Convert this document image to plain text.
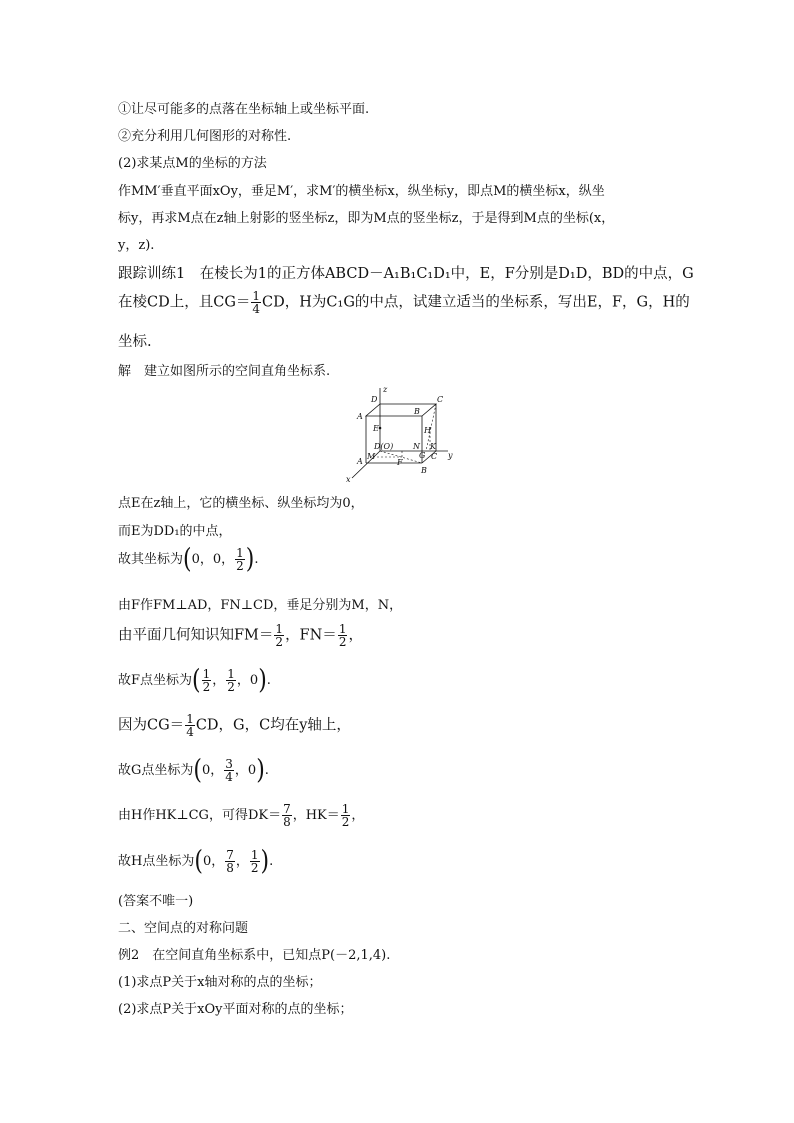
①让尽可能多的点落在坐标轴上或坐标平面.
②充分利用几何图形的对称性.
(2)求某点M的坐标的方法
作MM′垂直平面xOy，垂足M′，求M′的横坐标x，纵坐标y，即点M的横坐标x，纵坐
标y，再求M点在z轴上射影的竖坐标z，即为M点的竖坐标z，于是得到M点的坐标(x，
y，z).
跟踪训练1　在棱长为1的正方体ABCD－A₁B₁C₁D₁中，E，F分别是D₁D，BD的中点，G
在棱CD上，且$CG= \frac{1}{4}$ CD，H为C₁G的中点，试建立适当的坐标系，写出E，F，G，H的
坐标.
解　建立如图所示的空间直角坐标系.
z
y
x
D	C
A
B
E	H
D(O) N K
M
F
G C
A
B
点E在z轴上，它的横坐标、纵坐标均为0，
而E为DD₁的中点，
故其坐标为(0，0， $\frac{1}{2}$ ).
由F作FM⊥AD，FN⊥CD，垂足分别为M，N，
由平面几何知识知$FM= \frac{1}{2}$ ，$FN= \frac{1}{2}$ ，
故F点坐标为( $\frac{1}{2}$ ， $\frac{1}{2}$ ，0).
因为$CG= \frac{1}{4}$ CD，G，C均在y轴上，
故G点坐标为(0， $\frac{3}{4}$ ，0).
由H作HK⊥CG，可得$DK= \frac{7}{8}$ ，$HK= \frac{1}{2}$ ，
故H点坐标为(0， $\frac{7}{8}$ ， $\frac{1}{2}$ ).
(答案不唯一)
二、空间点的对称问题
例2　在空间直角坐标系中，已知点P(－2,1,4).
(1)求点P关于x轴对称的点的坐标；
(2)求点P关于xOy平面对称的点的坐标；
